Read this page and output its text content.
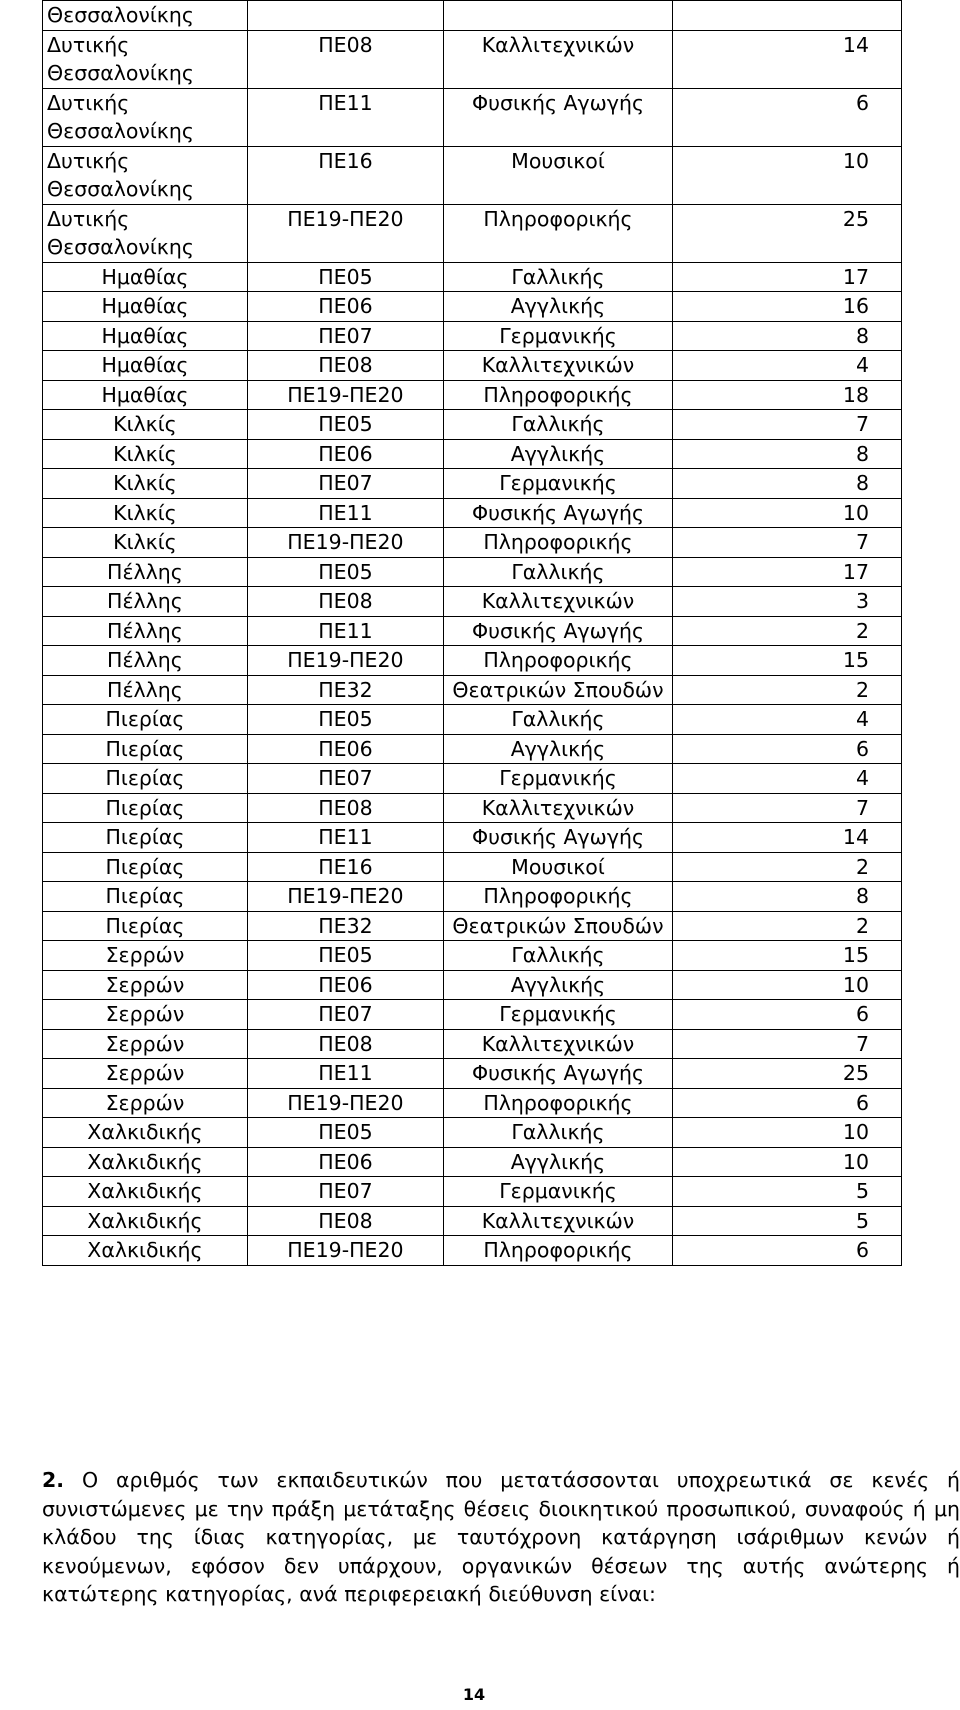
Θεσσαλονίκης			
Δυτικής Θεσσαλονίκης	ΠΕ08	Καλλιτεχνικών	14
Δυτικής Θεσσαλονίκης	ΠΕ11	Φυσικής Αγωγής	6
Δυτικής Θεσσαλονίκης	ΠΕ16	Μουσικοί	10
Δυτικής Θεσσαλονίκης	ΠΕ19-ΠΕ20	Πληροφορικής	25
Ημαθίας	ΠΕ05	Γαλλικής	17
Ημαθίας	ΠΕ06	Αγγλικής	16
Ημαθίας	ΠΕ07	Γερμανικής	8
Ημαθίας	ΠΕ08	Καλλιτεχνικών	4
Ημαθίας	ΠΕ19-ΠΕ20	Πληροφορικής	18
Κιλκίς	ΠΕ05	Γαλλικής	7
Κιλκίς	ΠΕ06	Αγγλικής	8
Κιλκίς	ΠΕ07	Γερμανικής	8
Κιλκίς	ΠΕ11	Φυσικής Αγωγής	10
Κιλκίς	ΠΕ19-ΠΕ20	Πληροφορικής	7
Πέλλης	ΠΕ05	Γαλλικής	17
Πέλλης	ΠΕ08	Καλλιτεχνικών	3
Πέλλης	ΠΕ11	Φυσικής Αγωγής	2
Πέλλης	ΠΕ19-ΠΕ20	Πληροφορικής	15
Πέλλης	ΠΕ32	Θεατρικών Σπουδών	2
Πιερίας	ΠΕ05	Γαλλικής	4
Πιερίας	ΠΕ06	Αγγλικής	6
Πιερίας	ΠΕ07	Γερμανικής	4
Πιερίας	ΠΕ08	Καλλιτεχνικών	7
Πιερίας	ΠΕ11	Φυσικής Αγωγής	14
Πιερίας	ΠΕ16	Μουσικοί	2
Πιερίας	ΠΕ19-ΠΕ20	Πληροφορικής	8
Πιερίας	ΠΕ32	Θεατρικών Σπουδών	2
Σερρών	ΠΕ05	Γαλλικής	15
Σερρών	ΠΕ06	Αγγλικής	10
Σερρών	ΠΕ07	Γερμανικής	6
Σερρών	ΠΕ08	Καλλιτεχνικών	7
Σερρών	ΠΕ11	Φυσικής Αγωγής	25
Σερρών	ΠΕ19-ΠΕ20	Πληροφορικής	6
Χαλκιδικής	ΠΕ05	Γαλλικής	10
Χαλκιδικής	ΠΕ06	Αγγλικής	10
Χαλκιδικής	ΠΕ07	Γερμανικής	5
Χαλκιδικής	ΠΕ08	Καλλιτεχνικών	5
Χαλκιδικής	ΠΕ19-ΠΕ20	Πληροφορικής	6
2. Ο αριθμός των εκπαιδευτικών που μετατάσσονται υποχρεωτικά σε κενές ή συνιστώμενες με την πράξη μετάταξης θέσεις διοικητικού προσωπικού, συναφούς ή μη κλάδου της ίδιας κατηγορίας, με ταυτόχρονη κατάργηση ισάριθμων κενών ή κενούμενων, εφόσον δεν υπάρχουν, οργανικών θέσεων της αυτής ανώτερης ή κατώτερης κατηγορίας, ανά περιφερειακή διεύθυνση είναι:
14
